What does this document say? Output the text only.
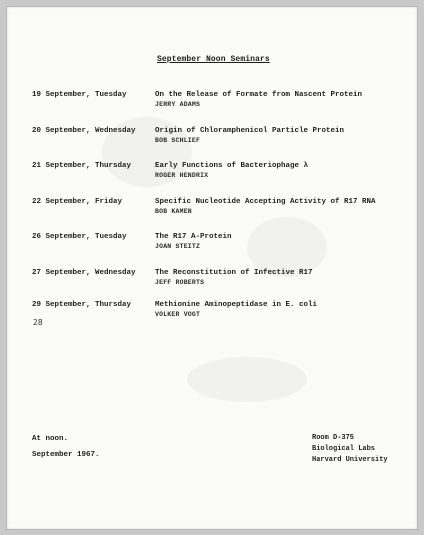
September Noon Seminars
19 September, Tuesday	On the Release of Formate from Nascent Protein
JERRY ADAMS
20 September, Wednesday	Origin of Chloramphenicol Particle Protein
BOB SCHLIEF
21 September, Thursday	Early Functions of Bacteriophage λ
ROGER HENDRIX
22 September, Friday	Specific Nucleotide Accepting Activity of R17 RNA
BOB KAMEN
26 September, Tuesday	The R17 A-Protein
JOAN STEITZ
27 September, Wednesday	The Reconstitution of Infective R17
JEFF ROBERTS
28
29 September, Thursday	Methionine Aminopeptidase in E. coli
VOLKER VOGT
At noon.
September 1967.
Room D-375
Biological Labs
Harvard University
